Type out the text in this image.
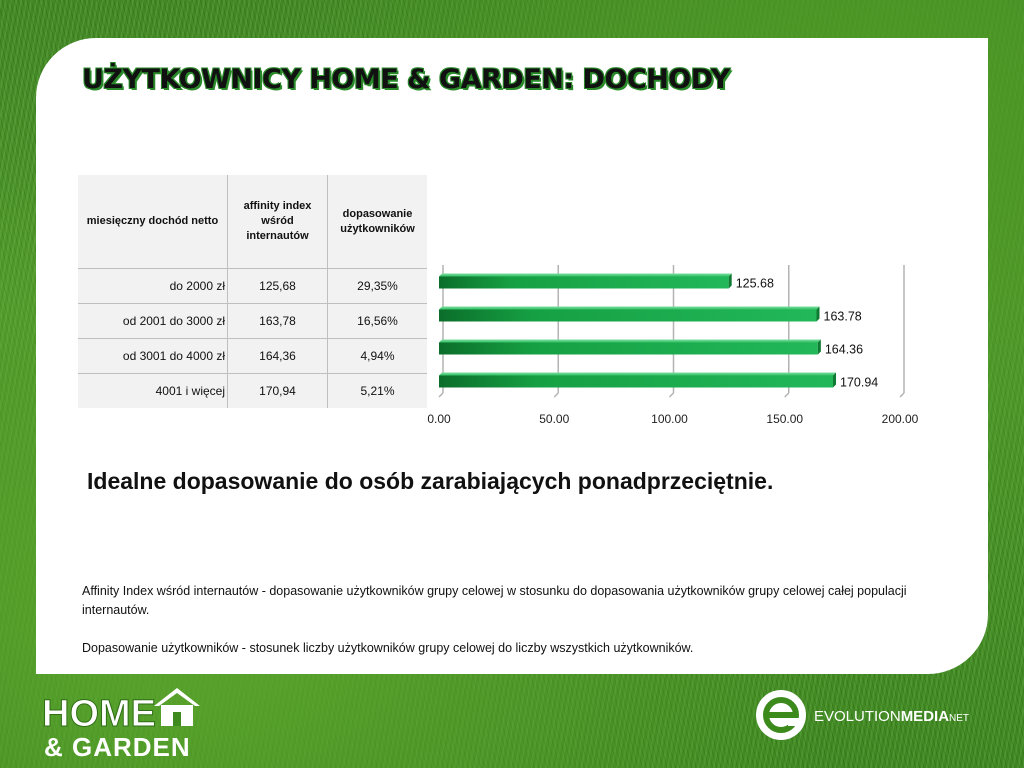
UŻYTKOWNICY HOME & GARDEN: DOCHODY
miesięczny dochód netto	affinity index wśród internautów	dopasowanie użytkowników
do 2000 zł	125,68	29,35%
od 2001 do 3000 zł	163,78	16,56%
od 3001 do 4000 zł	164,36	4,94%
4001 i więcej	170,94	5,21%
125.68
163.78
164.36
170.94
0.00	50.00	100.00	150.00	200.00
Idealne dopasowanie do osób zarabiających ponadprzeciętnie.
Affinity Index wśród internautów - dopasowanie użytkowników grupy celowej w stosunku do dopasowania użytkowników grupy celowej całej populacji internautów.
Dopasowanie użytkowników - stosunek liczby użytkowników grupy celowej do liczby wszystkich użytkowników.
HOME
& GARDEN
EVOLUTIONMEDIANET
